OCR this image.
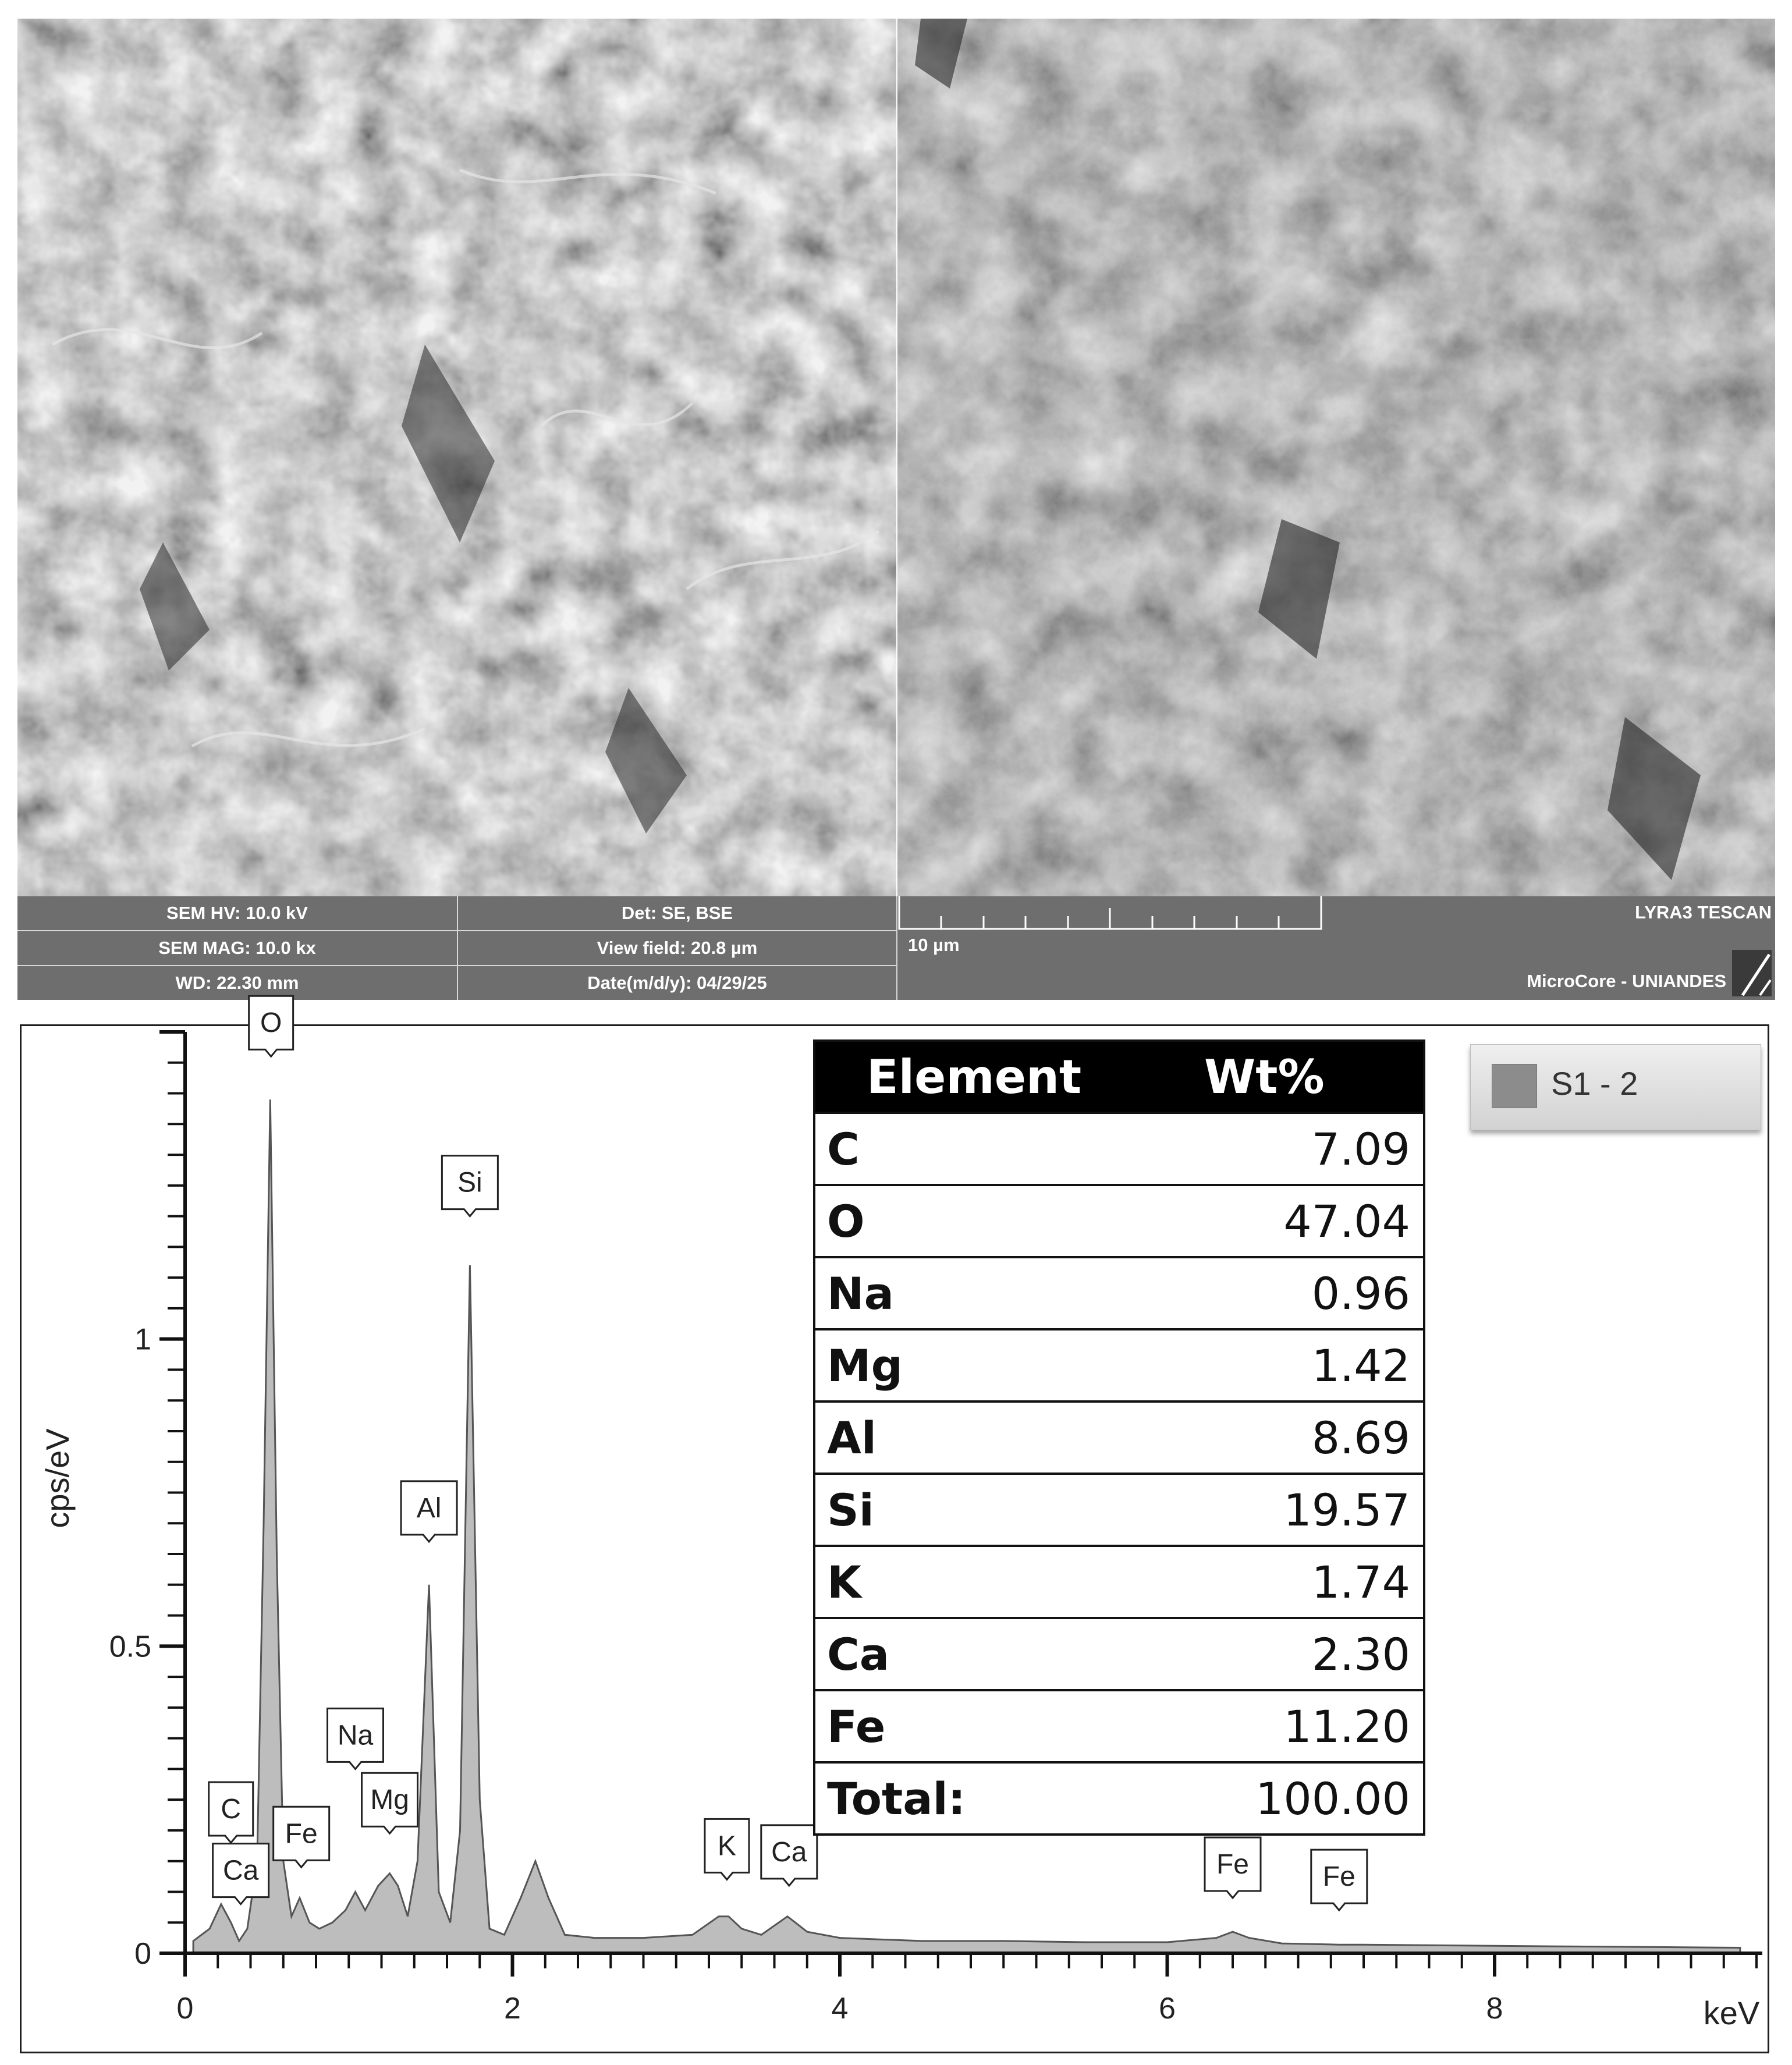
SEM HV: 10.0 kV	Det: SE, BSE
SEM MAG: 10.0 kx	View field: 20.8 µm
WD: 22.30 mm	Date(m/d/y): 04/29/25
10 µm
LYRA3 TESCAN
MicroCore - UNIANDES
0	2	4	6	8
0
0.5
1
O
Si
Al
Na
Mg
C
Ca
Fe	K Ca	Fe	Fe
cps/eV
keV
Element	Wt%
C	7.09
O	47.04
Na	0.96
Mg	1.42
Al	8.69
Si	19.57
K	1.74
Ca	2.30
Fe	11.20
Total:	100.00
S1 - 2
